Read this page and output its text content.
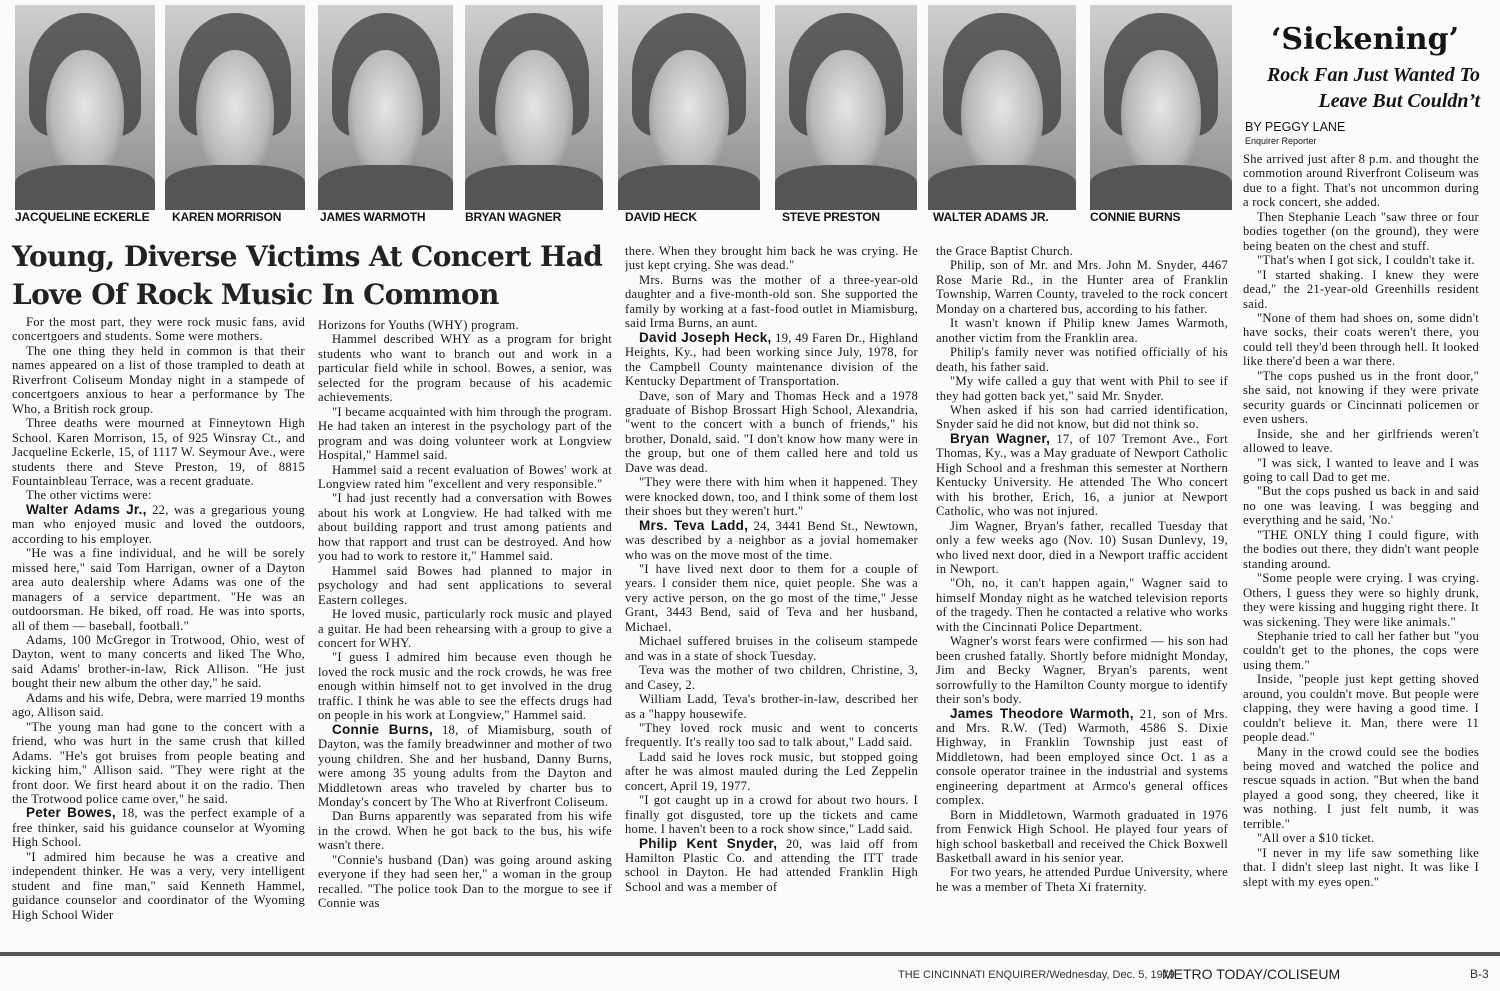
JACQUELINE ECKERLE KAREN MORRISON	JAMES WARMOTH	BRYAN WAGNER	DAVID HECK	STEVE PRESTON	WALTER ADAMS JR.	CONNIE BURNS
Young, Diverse Victims At Concert Had Love Of Rock Music In Common

For the most part, they were rock music fans, avid concertgoers and students. Some were mothers.

The one thing they held in common is that their names appeared on a list of those trampled to death at Riverfront Coliseum Monday night in a stampede of concertgoers anxious to hear a performance by The Who, a British rock group.

Three deaths were mourned at Finneytown High School. Karen Morrison, 15, of 925 Winsray Ct., and Jacqueline Eckerle, 15, of 1117 W. Seymour Ave., were students there and Steve Preston, 19, of 8815 Fountainbleau Terrace, was a recent graduate.

The other victims were:

Walter Adams Jr., 22, was a gregarious young man who enjoyed music and loved the outdoors, according to his employer.

"He was a fine individual, and he will be sorely missed here," said Tom Harrigan, owner of a Dayton area auto dealership where Adams was one of the managers of a service department. "He was an outdoorsman. He biked, off road. He was into sports, all of them — baseball, football."

Adams, 100 McGregor in Trotwood, Ohio, west of Dayton, went to many concerts and liked The Who, said Adams' brother-in-law, Rick Allison. "He just bought their new album the other day," he said.

Adams and his wife, Debra, were married 19 months ago, Allison said.

"The young man had gone to the concert with a friend, who was hurt in the same crush that killed Adams. "He's got bruises from people beating and kicking him," Allison said. "They were right at the front door. We first heard about it on the radio. Then the Trotwood police came over," he said.

Peter Bowes, 18, was the perfect example of a free thinker, said his guidance counselor at Wyoming High School.

"I admired him because he was a creative and independent thinker. He was a very, very intelligent student and fine man," said Kenneth Hammel, guidance counselor and coordinator of the Wyoming High School Wider

Horizons for Youths (WHY) program.

Hammel described WHY as a program for bright students who want to branch out and work in a particular field while in school. Bowes, a senior, was selected for the program because of his academic achievements.

"I became acquainted with him through the program. He had taken an interest in the psychology part of the program and was doing volunteer work at Longview Hospital," Hammel said.

Hammel said a recent evaluation of Bowes' work at Longview rated him "excellent and very responsible."

"I had just recently had a conversation with Bowes about his work at Longview. He had talked with me about building rapport and trust among patients and how that rapport and trust can be destroyed. And how you had to work to restore it," Hammel said.

Hammel said Bowes had planned to major in psychology and had sent applications to several Eastern colleges.

He loved music, particularly rock music and played a guitar. He had been rehearsing with a group to give a concert for WHY.

"I guess I admired him because even though he loved the rock music and the rock crowds, he was free enough within himself not to get involved in the drug traffic. I think he was able to see the effects drugs had on people in his work at Longview," Hammel said.

Connie Burns, 18, of Miamisburg, south of Dayton, was the family breadwinner and mother of two young children. She and her husband, Danny Burns, were among 35 young adults from the Dayton and Middletown areas who traveled by charter bus to Monday's concert by The Who at Riverfront Coliseum.

Dan Burns apparently was separated from his wife in the crowd. When he got back to the bus, his wife wasn't there.

"Connie's husband (Dan) was going around asking everyone if they had seen her," a woman in the group recalled. "The police took Dan to the morgue to see if Connie was

there. When they brought him back he was crying. He just kept crying. She was dead."

Mrs. Burns was the mother of a three-year-old daughter and a five-month-old son. She supported the family by working at a fast-food outlet in Miamisburg, said Irma Burns, an aunt.

David Joseph Heck, 19, 49 Faren Dr., Highland Heights, Ky., had been working since July, 1978, for the Campbell County maintenance division of the Kentucky Department of Transportation.

Dave, son of Mary and Thomas Heck and a 1978 graduate of Bishop Brossart High School, Alexandria, "went to the concert with a bunch of friends," his brother, Donald, said. "I don't know how many were in the group, but one of them called here and told us Dave was dead.

"They were there with him when it happened. They were knocked down, too, and I think some of them lost their shoes but they weren't hurt."

Mrs. Teva Ladd, 24, 3441 Bend St., Newtown, was described by a neighbor as a jovial homemaker who was on the move most of the time.

"I have lived next door to them for a couple of years. I consider them nice, quiet people. She was a very active person, on the go most of the time," Jesse Grant, 3443 Bend, said of Teva and her husband, Michael.

Michael suffered bruises in the coliseum stampede and was in a state of shock Tuesday.

Teva was the mother of two children, Christine, 3, and Casey, 2.

William Ladd, Teva's brother-in-law, described her as a "happy housewife.

"They loved rock music and went to concerts frequently. It's really too sad to talk about," Ladd said.

Ladd said he loves rock music, but stopped going after he was almost mauled during the Led Zeppelin concert, April 19, 1977.

"I got caught up in a crowd for about two hours. I finally got disgusted, tore up the tickets and came home. I haven't been to a rock show since," Ladd said.

Philip Kent Snyder, 20, was laid off from Hamilton Plastic Co. and attending the ITT trade school in Dayton. He had attended Franklin High School and was a member of

the Grace Baptist Church.

Philip, son of Mr. and Mrs. John M. Snyder, 4467 Rose Marie Rd., in the Hunter area of Franklin Township, Warren County, traveled to the rock concert Monday on a chartered bus, according to his father.

It wasn't known if Philip knew James Warmoth, another victim from the Franklin area.

Philip's family never was notified officially of his death, his father said.

"My wife called a guy that went with Phil to see if they had gotten back yet," said Mr. Snyder.

When asked if his son had carried identification, Snyder said he did not know, but did not think so.

Bryan Wagner, 17, of 107 Tremont Ave., Fort Thomas, Ky., was a May graduate of Newport Catholic High School and a freshman this semester at Northern Kentucky University. He attended The Who concert with his brother, Erich, 16, a junior at Newport Catholic, who was not injured.

Jim Wagner, Bryan's father, recalled Tuesday that only a few weeks ago (Nov. 10) Susan Dunlevy, 19, who lived next door, died in a Newport traffic accident in Newport.

"Oh, no, it can't happen again," Wagner said to himself Monday night as he watched television reports of the tragedy. Then he contacted a relative who works with the Cincinnati Police Department.

Wagner's worst fears were confirmed — his son had been crushed fatally. Shortly before midnight Monday, Jim and Becky Wagner, Bryan's parents, went sorrowfully to the Hamilton County morgue to identify their son's body.

James Theodore Warmoth, 21, son of Mrs. and Mrs. R.W. (Ted) Warmoth, 4586 S. Dixie Highway, in Franklin Township just east of Middletown, had been employed since Oct. 1 as a console operator trainee in the industrial and systems engineering department at Armco's general offices complex.

Born in Middletown, Warmoth graduated in 1976 from Fenwick High School. He played four years of high school basketball and received the Chick Boxwell Basketball award in his senior year.

For two years, he attended Purdue University, where he was a member of Theta Xi fraternity.

‘Sickening’
Rock Fan Just Wanted To Leave But Couldn’t
BY PEGGY LANE
Enquirer Reporter

She arrived just after 8 p.m. and thought the commotion around Riverfront Coliseum was due to a fight. That's not uncommon during a rock concert, she added.

Then Stephanie Leach "saw three or four bodies together (on the ground), they were being beaten on the chest and stuff.

"That's when I got sick, I couldn't take it.

"I started shaking. I knew they were dead," the 21-year-old Greenhills resident said.

"None of them had shoes on, some didn't have socks, their coats weren't there, you could tell they'd been through hell. It looked like there'd been a war there.

"The cops pushed us in the front door," she said, not knowing if they were private security guards or Cincinnati policemen or even ushers.

Inside, she and her girlfriends weren't allowed to leave.

"I was sick, I wanted to leave and I was going to call Dad to get me.

"But the cops pushed us back in and said no one was leaving. I was begging and everything and he said, 'No.'

"THE ONLY thing I could figure, with the bodies out there, they didn't want people standing around.

"Some people were crying. I was crying. Others, I guess they were so highly drunk, they were kissing and hugging right there. It was sickening. They were like animals."

Stephanie tried to call her father but "you couldn't get to the phones, the cops were using them."

Inside, "people just kept getting shoved around, you couldn't move. But people were clapping, they were having a good time. I couldn't believe it. Man, there were 11 people dead."

Many in the crowd could see the bodies being moved and watched the police and rescue squads in action. "But when the band played a good song, they cheered, like it was nothing. I just felt numb, it was terrible."

"All over a $10 ticket.

"I never in my life saw something like that. I didn't sleep last night. It was like I slept with my eyes open."

THE CINCINNATI ENQUIRER/Wednesday, Dec. 5, 1979
METRO TODAY/COLISEUM	B-3
